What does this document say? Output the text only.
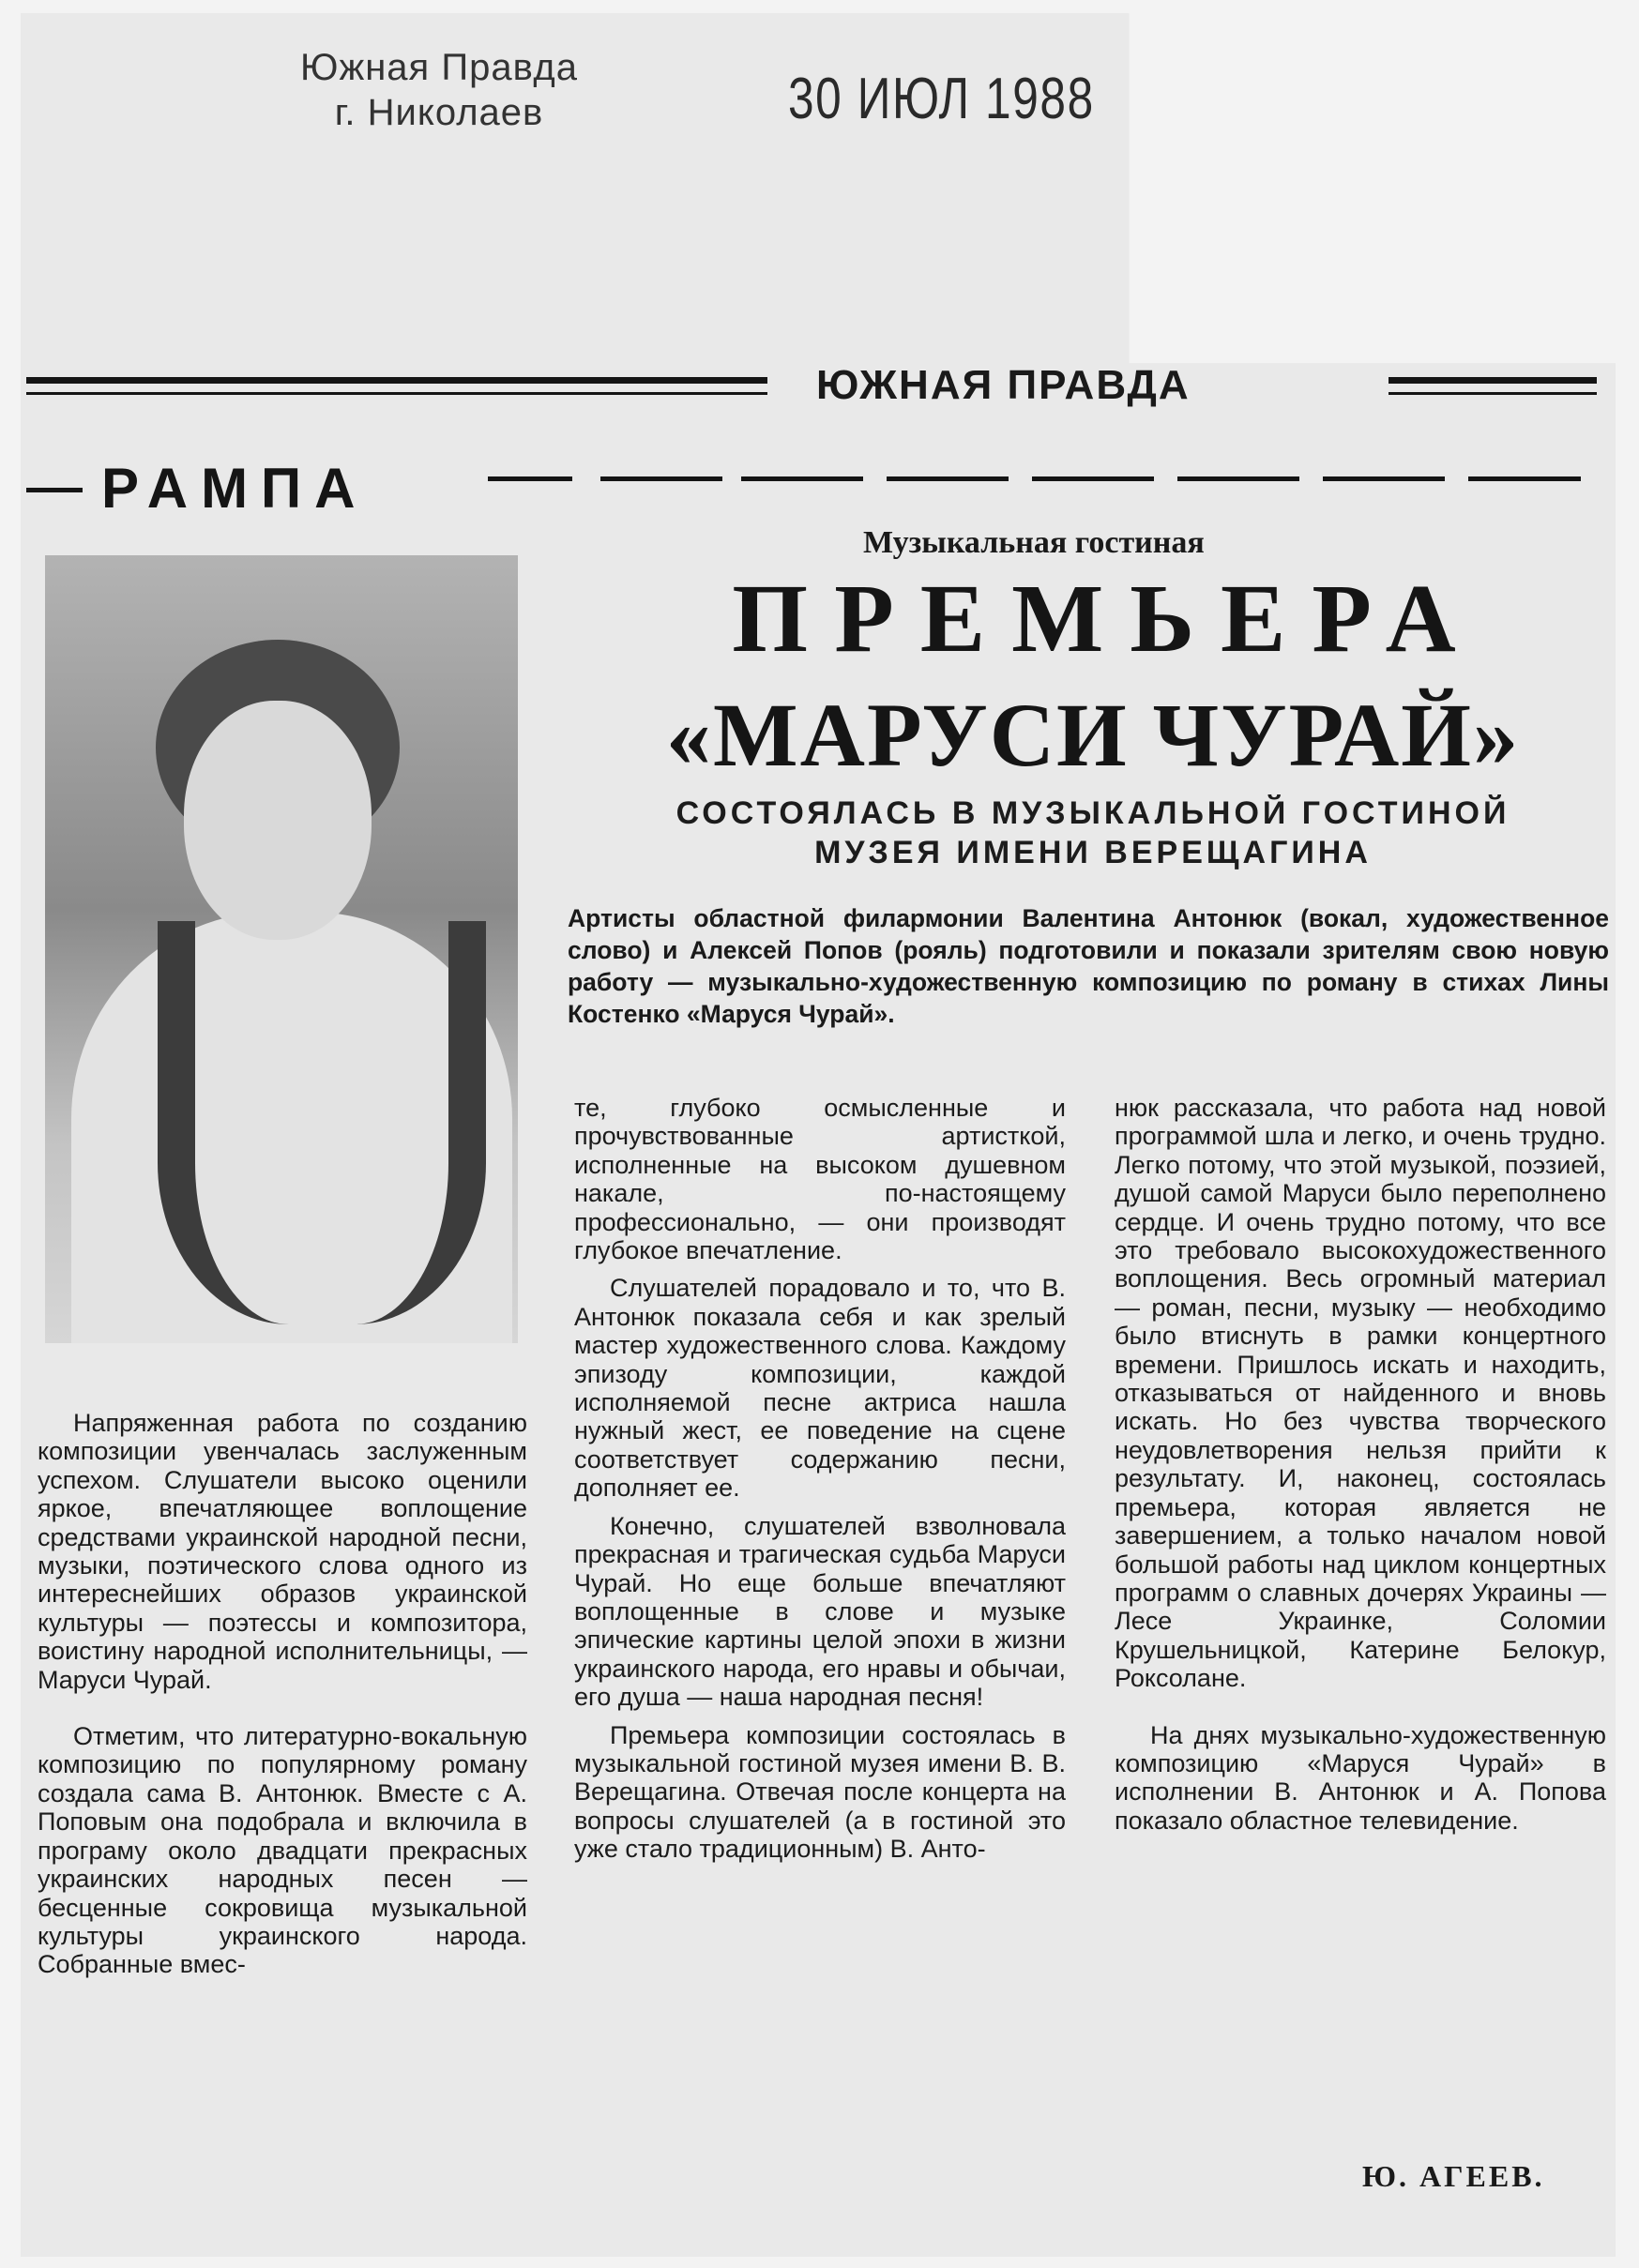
Южная Правда
г. Николаев	30 ИЮЛ 1988
ЮЖНАЯ ПРАВДА
РАМПА
Музыкальная гостиная
ПРЕМЬЕРА
«МАРУСИ ЧУРАЙ»
СОСТОЯЛАСЬ В МУЗЫКАЛЬНОЙ ГОСТИНОЙ
МУЗЕЯ ИМЕНИ ВЕРЕЩАГИНА
Артисты областной филармонии Валентина Антонюк (вокал, художественное слово) и Алексей Попов (рояль) подготовили и показали зрителям свою новую работу — музыкально-художественную композицию по роману в стихах Лины Костенко «Маруся Чурай».

Напряженная работа по созданию композиции увенчалась заслуженным успехом. Слушатели высоко оценили яркое, впечатляющее воплощение средствами украинской народной песни, музыки, поэтического слова одного из интереснейших образов украинской культуры — поэтессы и композитора, воистину народной исполнительницы, — Маруси Чурай.

Отметим, что литературно-вокальную композицию по популярному роману создала сама В. Антонюк. Вместе с А. Поповым она подобрала и включила в програму около двадцати прекрасных украинских народных песен — бесценные сокровища музыкальной культуры украинского народа. Собранные вмес-

те, глубоко осмысленные и прочувствованные артисткой, исполненные на высоком душевном накале, по-настоящему профессионально, — они производят глубокое впечатление.

Слушателей порадовало и то, что В. Антонюк показала себя и как зрелый мастер художественного слова. Каждому эпизоду композиции, каждой исполняемой песне актриса нашла нужный жест, ее поведение на сцене соответствует содержанию песни, дополняет ее.

Конечно, слушателей взволновала прекрасная и трагическая судьба Маруси Чурай. Но еще больше впечатляют воплощенные в слове и музыке эпические картины целой эпохи в жизни украинского народа, его нравы и обычаи, его душа — наша народная песня!

Премьера композиции состоялась в музыкальной гостиной музея имени В. В. Верещагина. Отвечая после концерта на вопросы слушателей (а в гостиной это уже стало традиционным) В. Анто-

нюк рассказала, что работа над новой программой шла и легко, и очень трудно. Легко потому, что этой музыкой, поэзией, душой самой Маруси было переполнено сердце. И очень трудно потому, что все это требовало высокохудожественного воплощения. Весь огромный материал — роман, песни, музыку — необходимо было втиснуть в рамки концертного времени. Пришлось искать и находить, отказываться от найденного и вновь искать. Но без чувства творческого неудовлетворения нельзя прийти к результату. И, наконец, состоялась премьера, которая является не завершением, а только началом новой большой работы над циклом концертных программ о славных дочерях Украины — Лесе Украинке, Соломии Крушельницкой, Катерине Белокур, Роксолане.

На днях музыкально-художественную композицию «Маруся Чурай» в исполнении В. Антонюк и А. Попова показало областное телевидение.

Ю. АГЕЕВ.
